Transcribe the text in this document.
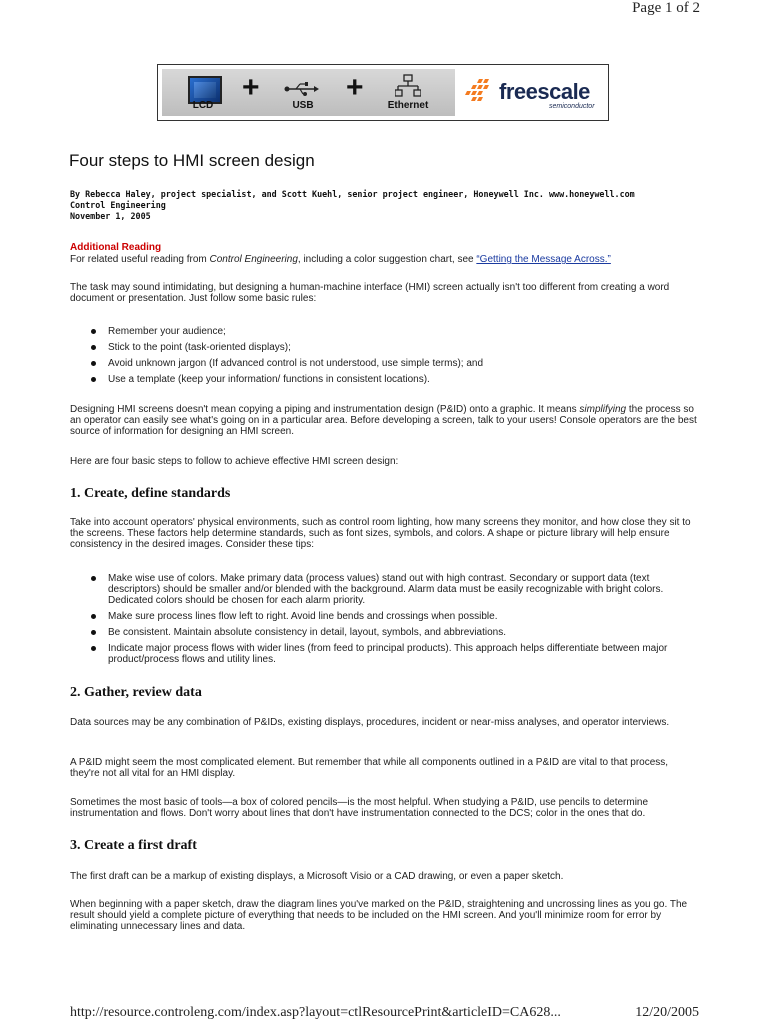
Page 1 of 2
LCD
+
USB
+
Ethernet
freescale
semiconductor
Four steps to HMI screen design
By Rebecca Haley, project specialist, and Scott Kuehl, senior project engineer, Honeywell Inc. www.honeywell.com
Control Engineering
November 1, 2005
Additional Reading

For related useful reading from Control Engineering, including a color suggestion chart, see “Getting the Message Across.”

The task may sound intimidating, but designing a human-machine interface (HMI) screen actually isn't too different from creating a word document or presentation. Just follow some basic rules:

Remember your audience;
Stick to the point (task-oriented displays);
Avoid unknown jargon (If advanced control is not understood, use simple terms); and
Use a template (keep your information/ functions in consistent locations).

Designing HMI screens doesn't mean copying a piping and instrumentation design (P&ID) onto a graphic. It means simplifying the process so an operator can easily see what's going on in a particular area. Before developing a screen, talk to your users! Console operators are the best source of information for designing an HMI screen.

Here are four basic steps to follow to achieve effective HMI screen design:

1. Create, define standards

Take into account operators' physical environments, such as control room lighting, how many screens they monitor, and how close they sit to the screens. These factors help determine standards, such as font sizes, symbols, and colors. A shape or picture library will help ensure consistency in the desired images. Consider these tips:

Make wise use of colors. Make primary data (process values) stand out with high contrast. Secondary or support data (text descriptors) should be smaller and/or blended with the background. Alarm data must be easily recognizable with bright colors. Dedicated colors should be chosen for each alarm priority.
Make sure process lines flow left to right. Avoid line bends and crossings when possible.
Be consistent. Maintain absolute consistency in detail, layout, symbols, and abbreviations.
Indicate major process flows with wider lines (from feed to principal products). This approach helps differentiate between major product/process flows and utility lines.
2. Gather, review data

Data sources may be any combination of P&IDs, existing displays, procedures, incident or near-miss analyses, and operator interviews.

A P&ID might seem the most complicated element. But remember that while all components outlined in a P&ID are vital to that process, they're not all vital for an HMI display.

Sometimes the most basic of tools—a box of colored pencils—is the most helpful. When studying a P&ID, use pencils to determine instrumentation and flows. Don't worry about lines that don't have instrumentation connected to the DCS; color in the ones that do.

3. Create a first draft

The first draft can be a markup of existing displays, a Microsoft Visio or a CAD drawing, or even a paper sketch.

When beginning with a paper sketch, draw the diagram lines you've marked on the P&ID, straightening and uncrossing lines as you go. The result should yield a complete picture of everything that needs to be included on the HMI screen. And you'll minimize room for error by eliminating unnecessary lines and data.

http://resource.controleng.com/index.asp?layout=ctlResourcePrint&articleID=CA628...	12/20/2005
